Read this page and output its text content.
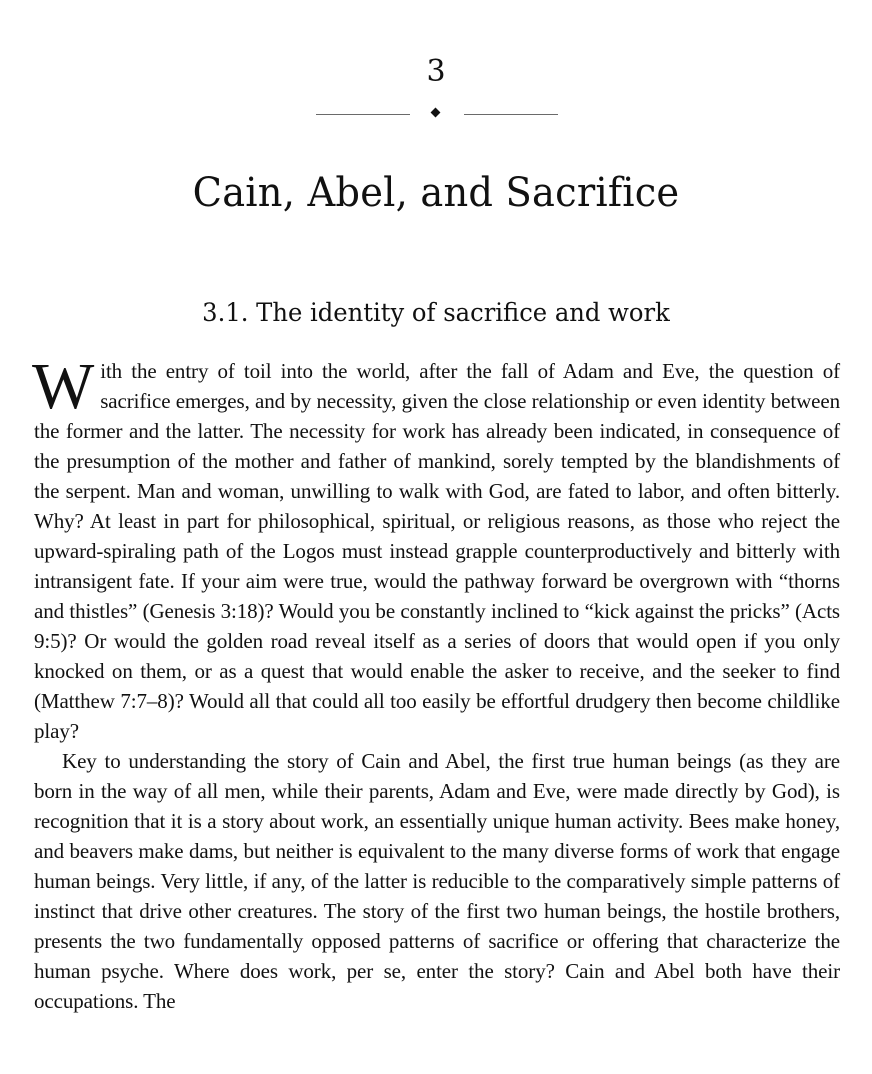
3
Cain, Abel, and Sacrifice
3.1. The identity of sacrifice and work

With the entry of toil into the world, after the fall of Adam and Eve, the question of sacrifice emerges, and by necessity, given the close relationship or even identity between the former and the latter. The necessity for work has already been indicated, in consequence of the presumption of the mother and father of mankind, sorely tempted by the blandishments of the serpent. Man and woman, unwilling to walk with God, are fated to labor, and often bitterly. Why? At least in part for philosophical, spiritual, or religious reasons, as those who reject the upward-spiraling path of the Logos must instead grapple counterproductively and bitterly with intransigent fate. If your aim were true, would the pathway forward be overgrown with “thorns and thistles” (Genesis 3:18)? Would you be constantly inclined to “kick against the pricks” (Acts 9:5)? Or would the golden road reveal itself as a series of doors that would open if you only knocked on them, or as a quest that would enable the asker to receive, and the seeker to find (Matthew 7:7–8)? Would all that could all too easily be effortful drudgery then become childlike play?

Key to understanding the story of Cain and Abel, the first true human beings (as they are born in the way of all men, while their parents, Adam and Eve, were made directly by God), is recognition that it is a story about work, an essentially unique human activity. Bees make honey, and beavers make dams, but neither is equivalent to the many diverse forms of work that engage human beings. Very little, if any, of the latter is reducible to the comparatively simple patterns of instinct that drive other creatures. The story of the first two human beings, the hostile brothers, presents the two fundamentally opposed patterns of sacrifice or offering that characterize the human psyche. Where does work, per se, enter the story? Cain and Abel both have their occupations. The
